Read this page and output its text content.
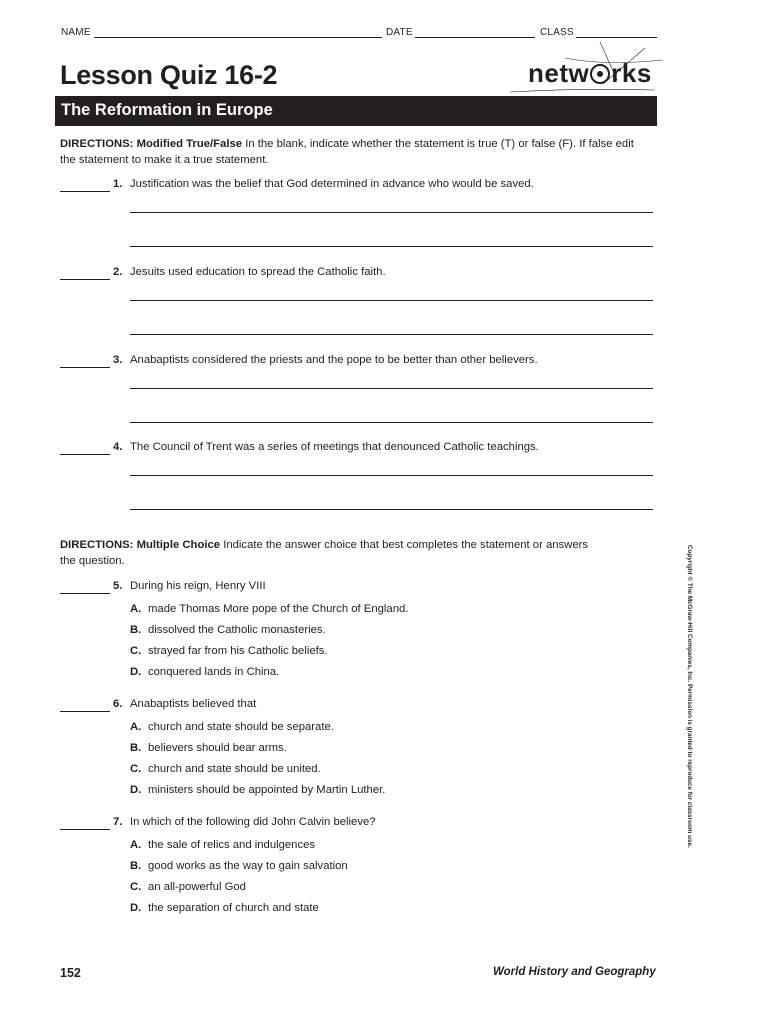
NAME	DATE	CLASS
Lesson Quiz 16-2	netw rks
The Reformation in Europe
DIRECTIONS: Modified True/False In the blank, indicate whether the statement is true (T) or false (F). If false edit
the statement to make it a true statement.
1. Justification was the belief that God determined in advance who would be saved.
2. Jesuits used education to spread the Catholic faith.
3. Anabaptists considered the priests and the pope to be better than other believers.
4. The Council of Trent was a series of meetings that denounced Catholic teachings.
DIRECTIONS: Multiple Choice Indicate the answer choice that best completes the statement or answers
the question.
5. During his reign, Henry VIII
A. made Thomas More pope of the Church of England.
B. dissolved the Catholic monasteries.
C. strayed far from his Catholic beliefs.
D. conquered lands in China.
6. Anabaptists believed that
A. church and state should be separate.
B. believers should bear arms.
C. church and state should be united.
D. ministers should be appointed by Martin Luther.
7. In which of the following did John Calvin believe?
A. the sale of relics and indulgences
B. good works as the way to gain salvation
C. an all-powerful God
D. the separation of church and state
Copyright © The McGraw-Hill Companies, Inc. Permission is granted to reproduce for classroom use.
152	World History and Geography
